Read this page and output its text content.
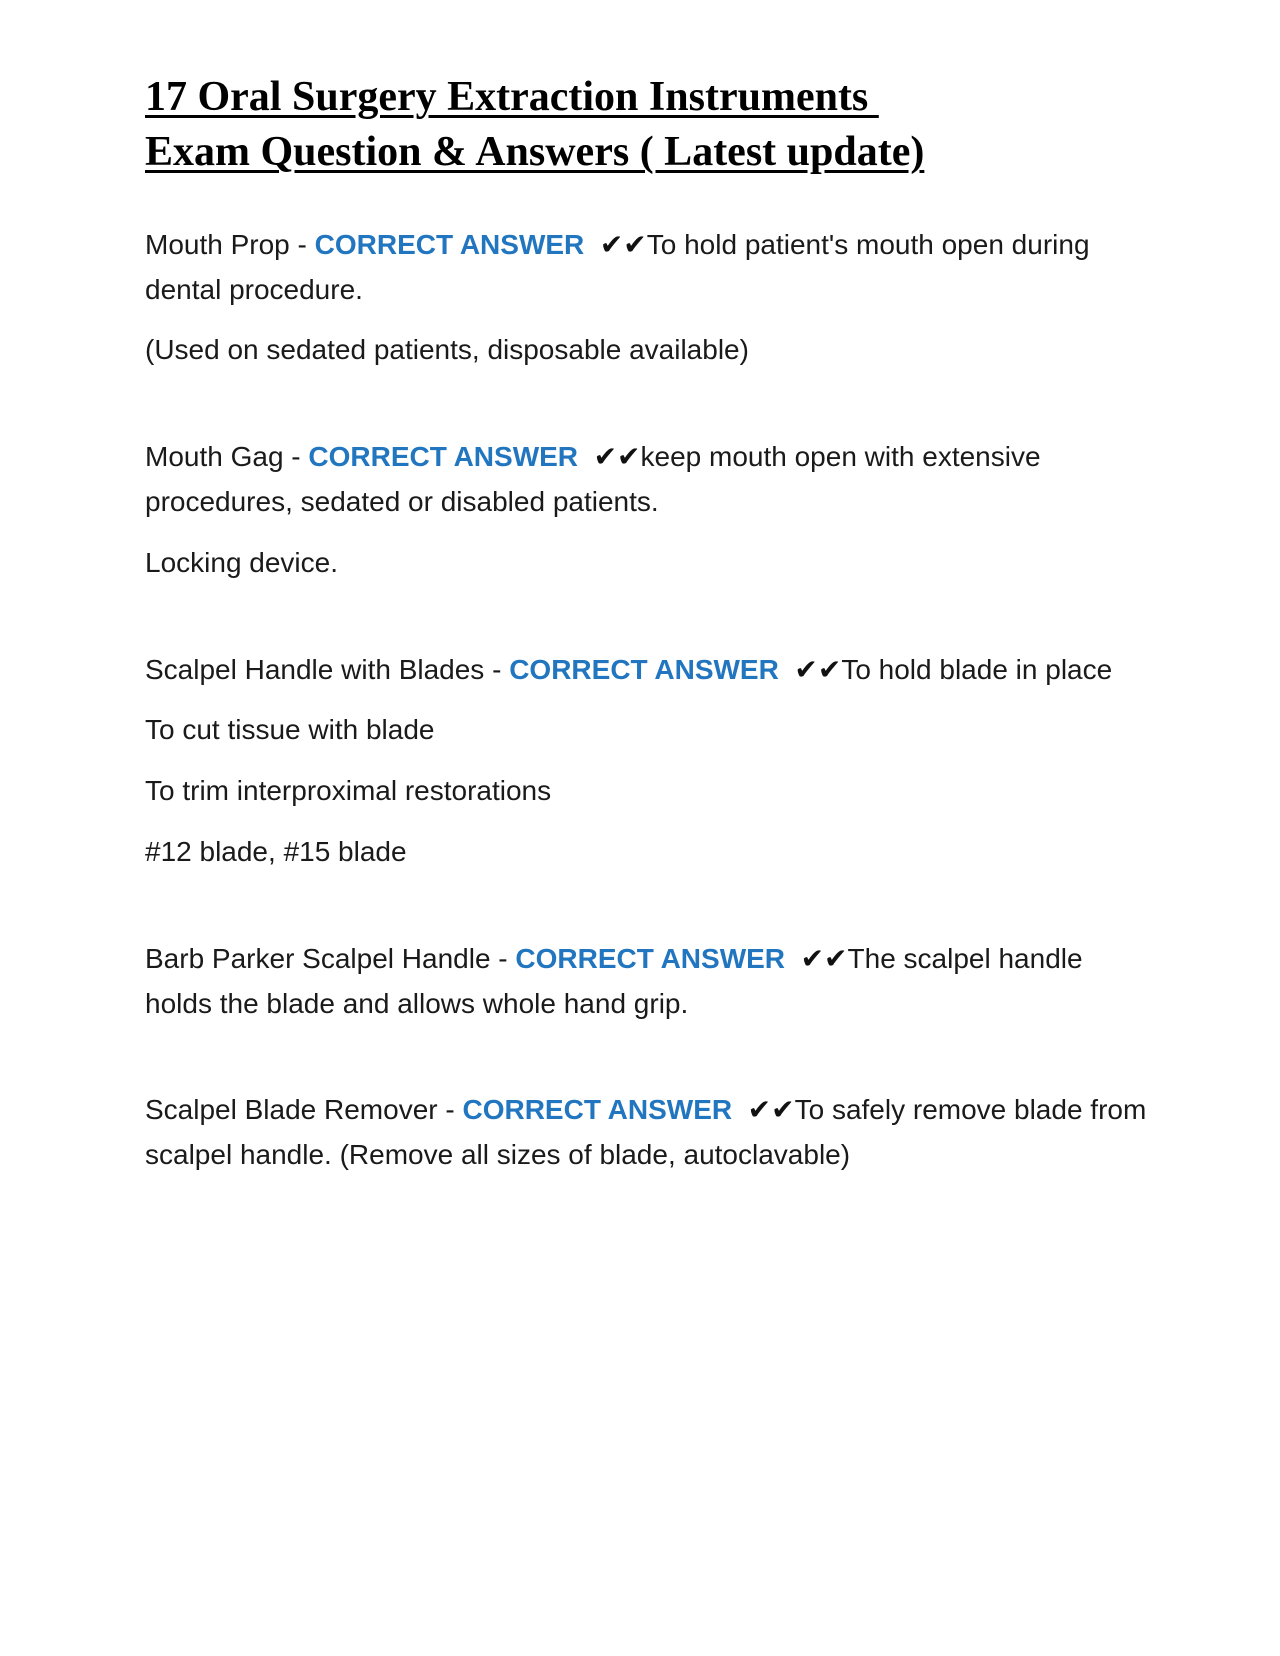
17 Oral Surgery Extraction Instruments
Exam Question & Answers ( Latest update)

Mouth Prop - CORRECT ANSWER  ✔✔To hold patient's mouth open during dental procedure.

(Used on sedated patients, disposable available)

Mouth Gag - CORRECT ANSWER  ✔✔keep mouth open with extensive procedures, sedated or disabled patients.

Locking device.

Scalpel Handle with Blades - CORRECT ANSWER  ✔✔To hold blade in place

To cut tissue with blade

To trim interproximal restorations

#12 blade, #15 blade

Barb Parker Scalpel Handle - CORRECT ANSWER  ✔✔The scalpel handle holds the blade and allows whole hand grip.

Scalpel Blade Remover - CORRECT ANSWER  ✔✔To safely remove blade from scalpel handle. (Remove all sizes of blade, autoclavable)
